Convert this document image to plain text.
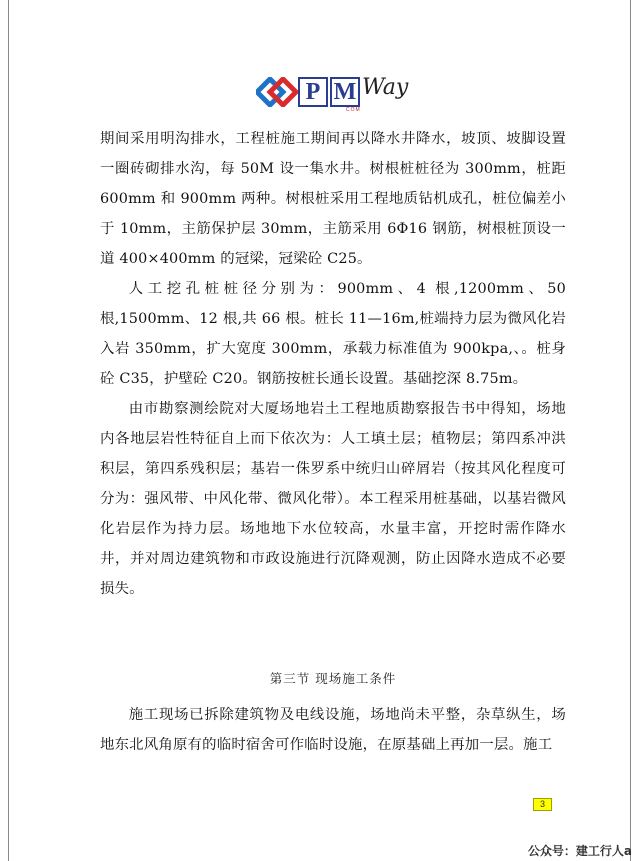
P M Way
COM

期间采用明沟排水，工程桩施工期间再以降水井降水，坡顶、坡脚设置一圈砖砌排水沟，每 50M 设一集水井。树根桩桩径为 300mm，桩距 600mm 和 900mm 两种。树根桩采用工程地质钻机成孔，桩位偏差小于 10mm，主筋保护层 30mm，主筋采用 6Φ16 钢筋，树根桩顶设一道 400×400mm 的冠梁，冠梁砼 C25。

人工挖孔桩桩径分别为：900mm、4 根,1200mm、50 根,1500mm、12 根,共 66 根。桩长 11—16m,桩端持力层为微风化岩入岩 350mm，扩大宽度 300mm，承载力标准值为 900kpa,、。桩身砼 C35，护壁砼 C20。钢筋按桩长通长设置。基础挖深 8.75m。

由市勘察测绘院对大厦场地岩土工程地质勘察报告书中得知，场地内各地层岩性特征自上而下依次为：人工填土层；植物层；第四系冲洪积层，第四系残积层；基岩一侏罗系中统归山碎屑岩（按其风化程度可分为：强风带、中风化带、微风化带）。本工程采用桩基础，以基岩微风化岩层作为持力层。场地地下水位较高，水量丰富，开挖时需作降水井，并对周边建筑物和市政设施进行沉降观测，防止因降水造成不必要损失。

第三节 现场施工条件

施工现场已拆除建筑物及电线设施，场地尚未平整，杂草纵生，场地东北风角原有的临时宿舍可作临时设施，在原基础上再加一层。施工

3
公众号：建工行人a
